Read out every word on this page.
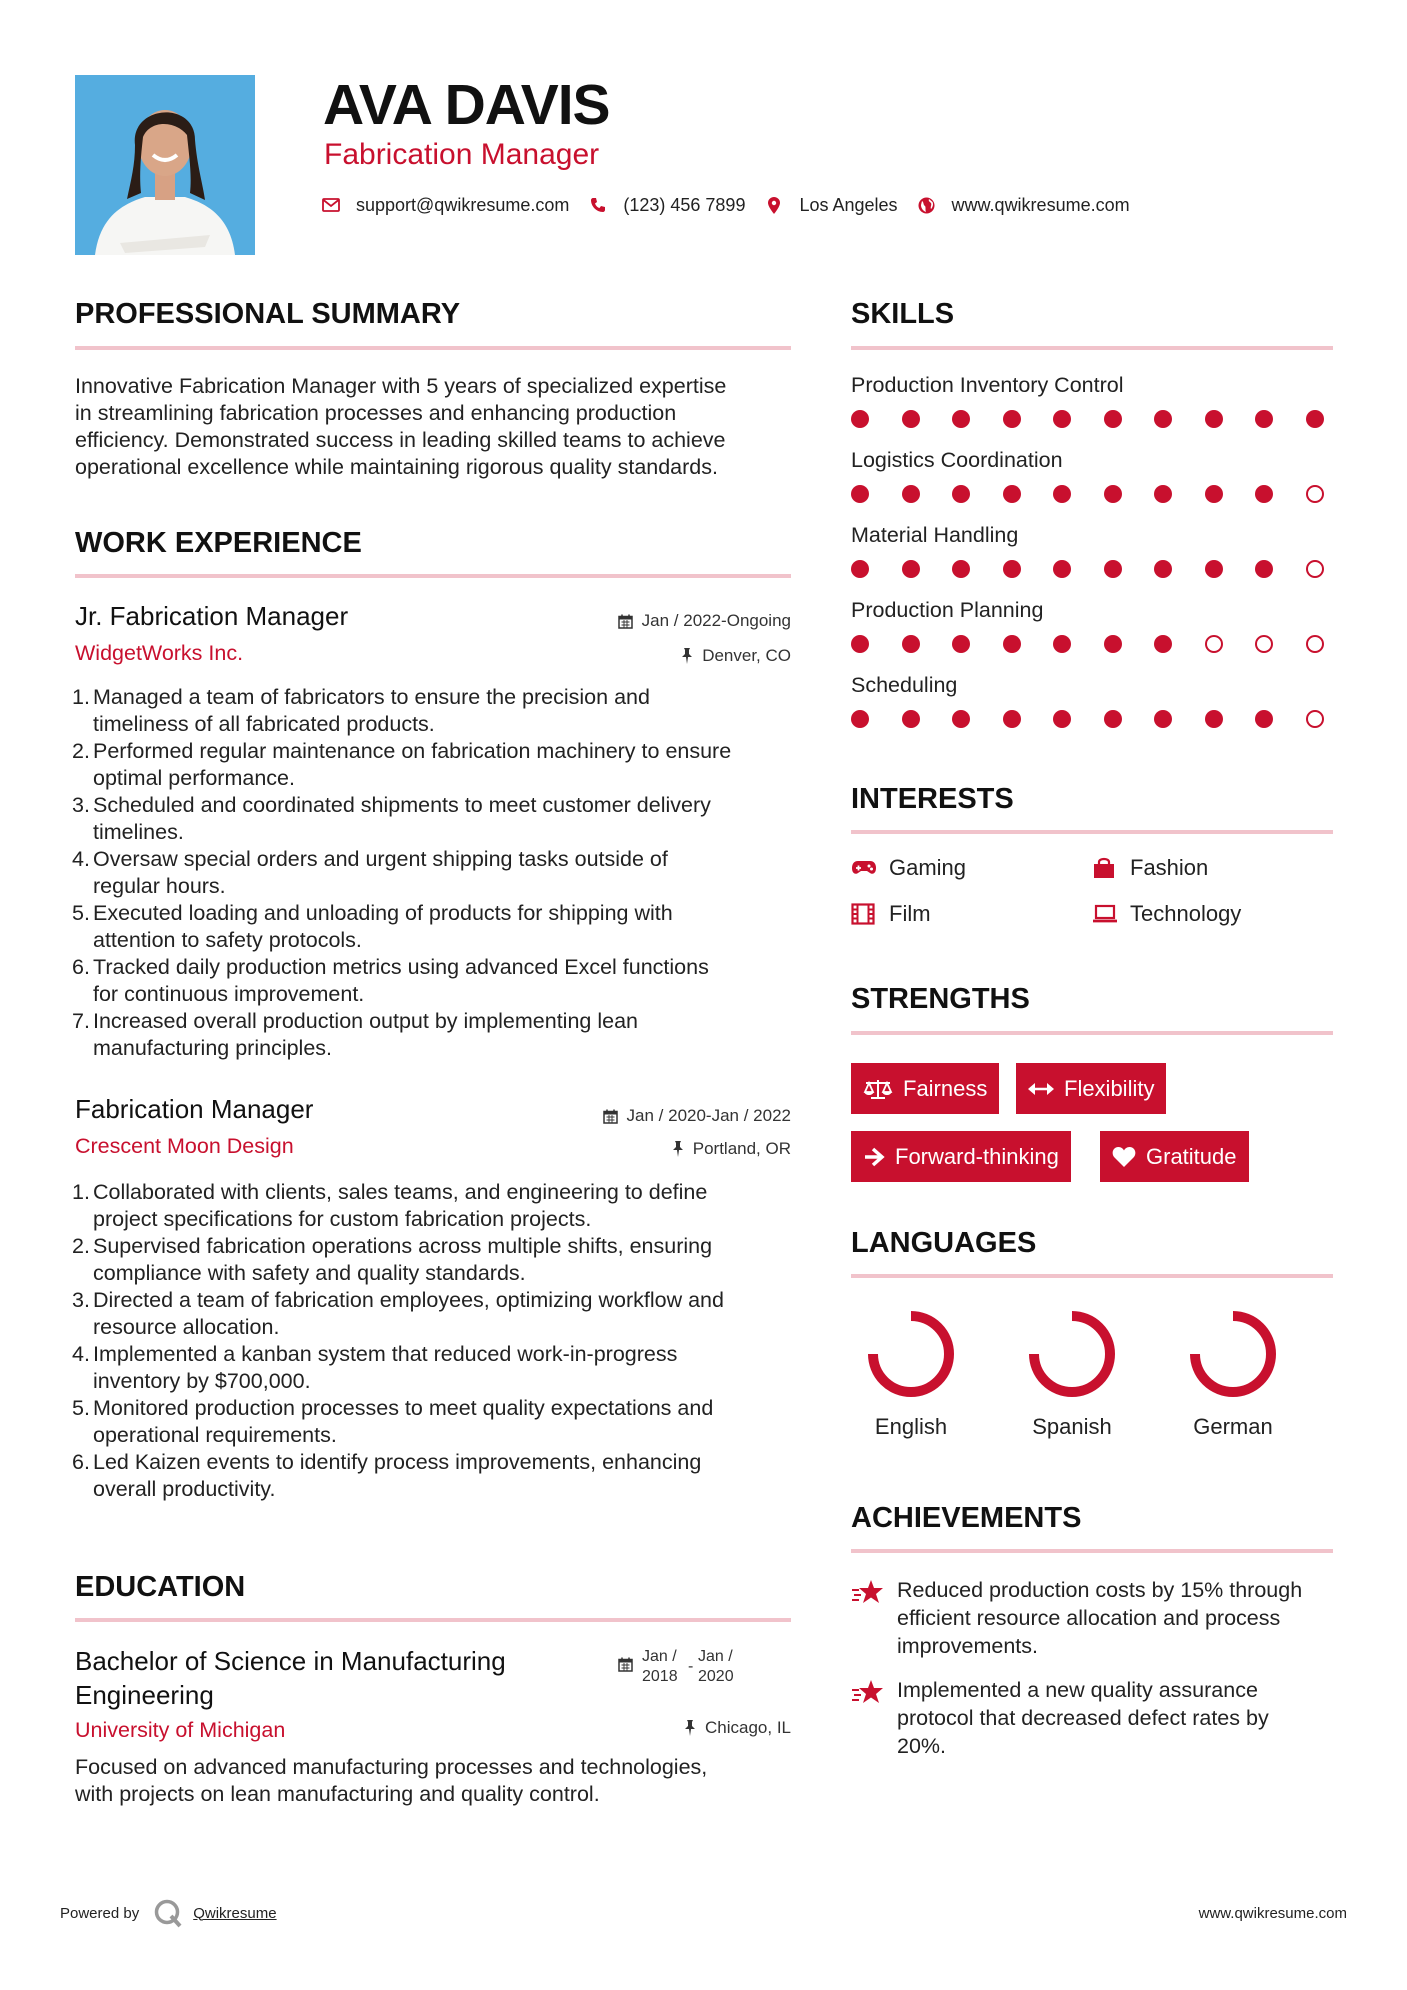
AVA DAVIS
Fabrication Manager
support@qwikresume.com	(123) 456 7899	Los Angeles	www.qwikresume.com
PROFESSIONAL SUMMARY
Innovative Fabrication Manager with 5 years of specialized expertise
in streamlining fabrication processes and enhancing production
efficiency. Demonstrated success in leading skilled teams to achieve
operational excellence while maintaining rigorous quality standards.
WORK EXPERIENCE
Jr. Fabrication Manager
WidgetWorks Inc.
Jan / 2022-Ongoing
Denver, CO
1. Managed a team of fabricators to ensure the precision and
timeliness of all fabricated products.
2. Performed regular maintenance on fabrication machinery to ensure
optimal performance.
3. Scheduled and coordinated shipments to meet customer delivery
timelines.
4. Oversaw special orders and urgent shipping tasks outside of
regular hours.
5. Executed loading and unloading of products for shipping with
attention to safety protocols.
6. Tracked daily production metrics using advanced Excel functions
for continuous improvement.
7. Increased overall production output by implementing lean
manufacturing principles.
Fabrication Manager
Crescent Moon Design
Jan / 2020-Jan / 2022
Portland, OR
1. Collaborated with clients, sales teams, and engineering to define
project specifications for custom fabrication projects.
2. Supervised fabrication operations across multiple shifts, ensuring
compliance with safety and quality standards.
3. Directed a team of fabrication employees, optimizing workflow and
resource allocation.
4. Implemented a kanban system that reduced work-in-progress
inventory by $700,000.
5. Monitored production processes to meet quality expectations and
operational requirements.
6. Led Kaizen events to identify process improvements, enhancing
overall productivity.
EDUCATION
Bachelor of Science in Manufacturing
Engineering
University of Michigan
Jan /
2018
-
Jan /
2020
Chicago, IL
Focused on advanced manufacturing processes and technologies,
with projects on lean manufacturing and quality control.
SKILLS
Production Inventory Control
Logistics Coordination
Material Handling
Production Planning
Scheduling
INTERESTS
Gaming	Fashion
Film	Technology
STRENGTHS
Fairness	Flexibility
Forward-thinking	Gratitude
LANGUAGES
English	Spanish	German
ACHIEVEMENTS
Reduced production costs by 15% through
efficient resource allocation and process
improvements.
Implemented a new quality assurance
protocol that decreased defect rates by
20%.
Powered by	Qwikresume	www.qwikresume.com
